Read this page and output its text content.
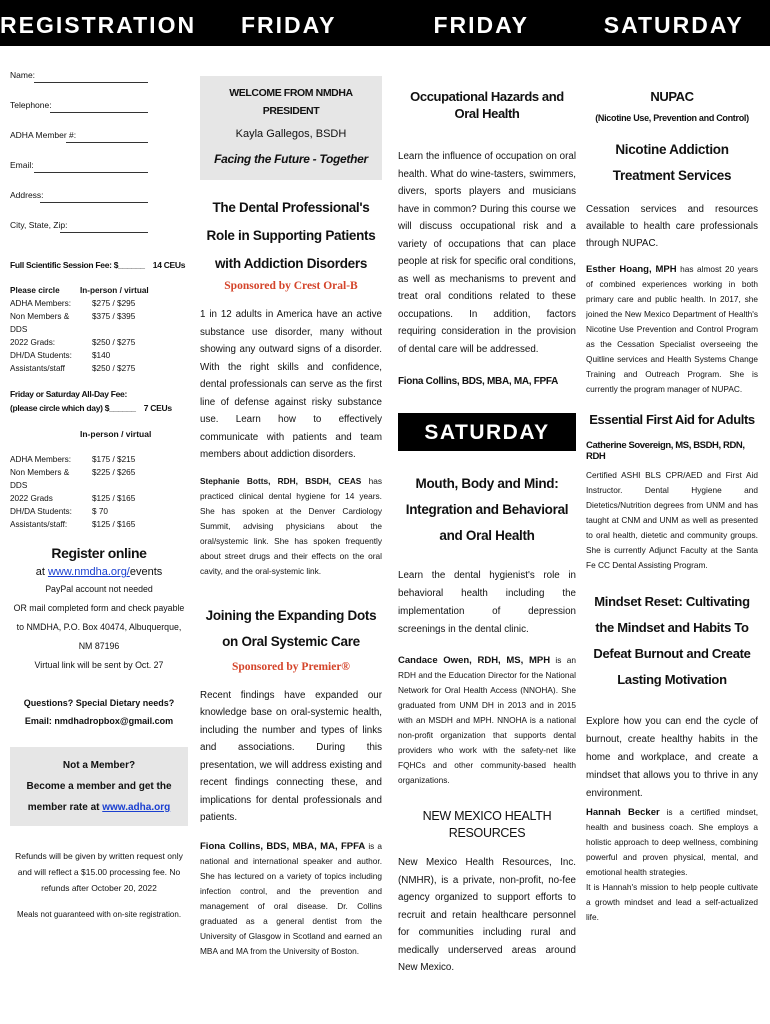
REGISTRATION	FRIDAY	FRIDAY	SATURDAY
Name:
Telephone:
ADHA Member #:
Email:
Address:
City, State, Zip:
Full Scientific Session Fee: $______ 14 CEUs
Please circle	In-person / virtual
ADHA Members:	$275 / $295
Non Members & DDS	$375 / $395
2022 Grads:	$250 / $275
DH/DA Students:	$140
Assistants/staff	$250 / $275
Friday or Saturday All-Day Fee:
(please circle which day) $______ 7 CEUs
In-person / virtual
ADHA Members:	$175 / $215
Non Members & DDS	$225 / $265
2022 Grads	$125 / $165
DH/DA Students:	$ 70
Assistants/staff:	$125 / $165
Register online
at www.nmdha.org/events
PayPal account not needed
OR mail completed form and check payable to NMDHA, P.O. Box 40474, Albuquerque, NM 87196
Virtual link will be sent by Oct. 27
Questions? Special Dietary needs?
Email: nmdhadropbox@gmail.com
Not a Member?
Become a member and get the member rate at www.adha.org
Refunds will be given by written request only and will reflect a $15.00 processing fee. No refunds after October 20, 2022
Meals not guaranteed with on-site registration.
WELCOME FROM NMDHA PRESIDENT
Kayla Gallegos, BSDH
Facing the Future - Together
The Dental Professional's Role in Supporting Patients with Addiction Disorders
Sponsored by Crest Oral-B
1 in 12 adults in America have an active substance use disorder, many without showing any outward signs of a disorder. With the right skills and confidence, dental professionals can serve as the first line of defense against risky substance use. Learn how to effectively communicate with patients and team members about addiction disorders.
Stephanie Botts, RDH, BSDH, CEAS has practiced clinical dental hygiene for 14 years. She has spoken at the Denver Cardiology Summit, advising physicians about the oral/systemic link. She has spoken frequently about street drugs and their effects on the oral cavity, and the oral-systemic link.
Joining the Expanding Dots on Oral Systemic Care
Sponsored by Premier®
Recent findings have expanded our knowledge base on oral-systemic health, including the number and types of links and associations. During this presentation, we will address existing and recent findings connecting these, and implications for dental professionals and patients.
Fiona Collins, BDS, MBA, MA, FPFA is a national and international speaker and author. She has lectured on a variety of topics including infection control, and the prevention and management of oral disease. Dr. Collins graduated as a general dentist from the University of Glasgow in Scotland and earned an MBA and MA from the University of Boston.
Occupational Hazards and Oral Health
Learn the influence of occupation on oral health. What do wine-tasters, swimmers, divers, sports players and musicians have in common? During this course we will discuss occupational risk and a variety of occupations that can place people at risk for specific oral conditions, as well as mechanisms to prevent and treat oral conditions related to these occupations. In addition, factors requiring consideration in the provision of dental care will be addressed.
Fiona Collins, BDS, MBA, MA, FPFA
SATURDAY
Mouth, Body and Mind: Integration and Behavioral and Oral Health
Learn the dental hygienist's role in behavioral health including the implementation of depression screenings in the dental clinic.
Candace Owen, RDH, MS, MPH is an RDH and the Education Director for the National Network for Oral Health Access (NNOHA). She graduated from UNM DH in 2013 and in 2015 with an MSDH and MPH. NNOHA is a national non-profit organization that supports dental providers who work with the safety-net like FQHCs and other community-based health organizations.
NEW MEXICO HEALTH RESOURCES
New Mexico Health Resources, Inc. (NMHR), is a private, non-profit, no-fee agency organized to support efforts to recruit and retain healthcare personnel for communities including rural and medically underserved areas around New Mexico.
NUPAC
(Nicotine Use, Prevention and Control)
Nicotine Addiction Treatment Services
Cessation services and resources available to health care professionals through NUPAC.
Esther Hoang, MPH has almost 20 years of combined experiences working in both primary care and public health. In 2017, she joined the New Mexico Department of Health's Nicotine Use Prevention and Control Program as the Cessation Specialist overseeing the Quitline services and Health Systems Change Training and Outreach Program. She is currently the program manager of NUPAC.
Essential First Aid for Adults
Catherine Sovereign, MS, BSDH, RDN, RDH
Certified ASHI BLS CPR/AED and First Aid Instructor. Dental Hygiene and Dietetics/Nutrition degrees from UNM and has taught at CNM and UNM as well as presented to oral health, dietetic and community groups. She is currently Adjunct Faculty at the Santa Fe CC Dental Assisting Program.
Mindset Reset: Cultivating the Mindset and Habits To Defeat Burnout and Create Lasting Motivation
Explore how you can end the cycle of burnout, create healthy habits in the home and workplace, and create a mindset that allows you to thrive in any environment.
Hannah Becker is a certified mindset, health and business coach. She employs a holistic approach to deep wellness, combining powerful and proven physical, mental, and emotional health strategies.
It is Hannah's mission to help people cultivate a growth mindset and lead a self-actualized life.
